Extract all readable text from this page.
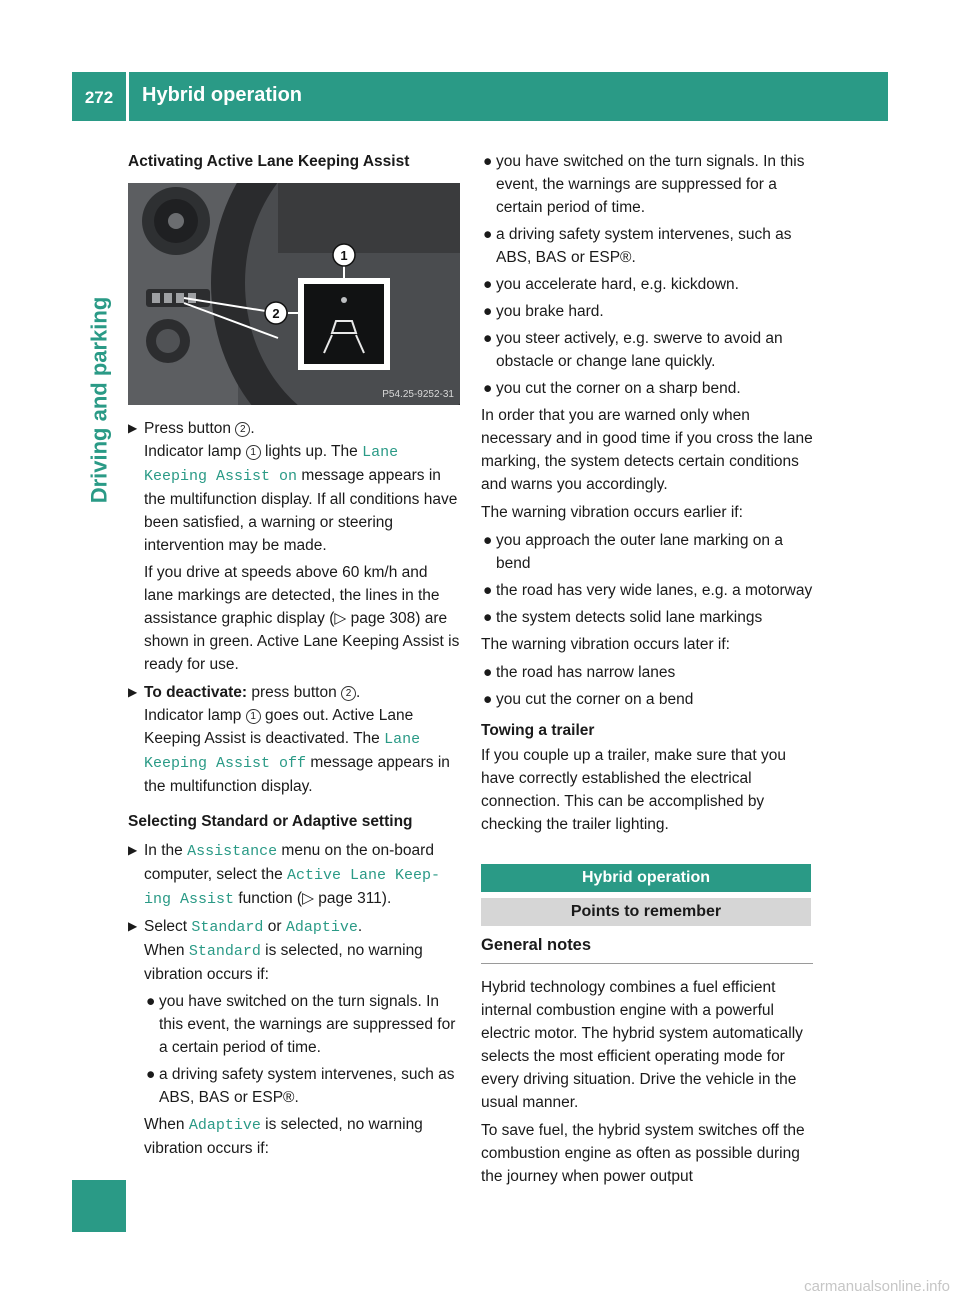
272	Hybrid operation
Driving and parking
Activating Active Lane Keeping Assist
1
2
P54.25-9252-31
▶ Press button 2 .
Indicator lamp 1 lights up. The Lane Keeping Assist on message appears in the multifunction display. If all conditions have been satisfied, a warning or steering intervention may be made.

If you drive at speeds above 60 km/h and lane markings are detected, the lines in the assistance graphic display (▷ page 308) are shown in green. Active Lane Keeping Assist is ready for use.

▶ To deactivate: press button 2 .
Indicator lamp 1 goes out. Active Lane Keeping Assist is deactivated. The Lane Keeping Assist off message appears in the multifunction display.
Selecting Standard or Adaptive setting
▶ In the Assistance menu on the on-board computer, select the Active Lane Keep‐ ing Assist function (▷ page 311).
▶ Select Standard or Adaptive.
When Standard is selected, no warning vibration occurs if:
● you have switched on the turn signals. In this event, the warnings are suppressed for a certain period of time.
● a driving safety system intervenes, such as ABS, BAS or ESP®.

When Adaptive is selected, no warning vibration occurs if:

● you have switched on the turn signals. In this event, the warnings are suppressed for a certain period of time.
● a driving safety system intervenes, such as ABS, BAS or ESP®.
● you accelerate hard, e.g. kickdown.
● you brake hard.
● you steer actively, e.g. swerve to avoid an obstacle or change lane quickly.
● you cut the corner on a sharp bend.

In order that you are warned only when necessary and in good time if you cross the lane marking, the system detects certain conditions and warns you accordingly.

The warning vibration occurs earlier if:

● you approach the outer lane marking on a bend
● the road has very wide lanes, e.g. a motorway
● the system detects solid lane markings

The warning vibration occurs later if:

● the road has narrow lanes
● you cut the corner on a bend
Towing a trailer

If you couple up a trailer, make sure that you have correctly established the electrical connection. This can be accomplished by checking the trailer lighting.

Hybrid operation
Points to remember
General notes

Hybrid technology combines a fuel efficient internal combustion engine with a powerful electric motor. The hybrid system automatically selects the most efficient operating mode for every driving situation. Drive the vehicle in the usual manner.

To save fuel, the hybrid system switches off the combustion engine as often as possible during the journey when power output

carmanualsonline.info
